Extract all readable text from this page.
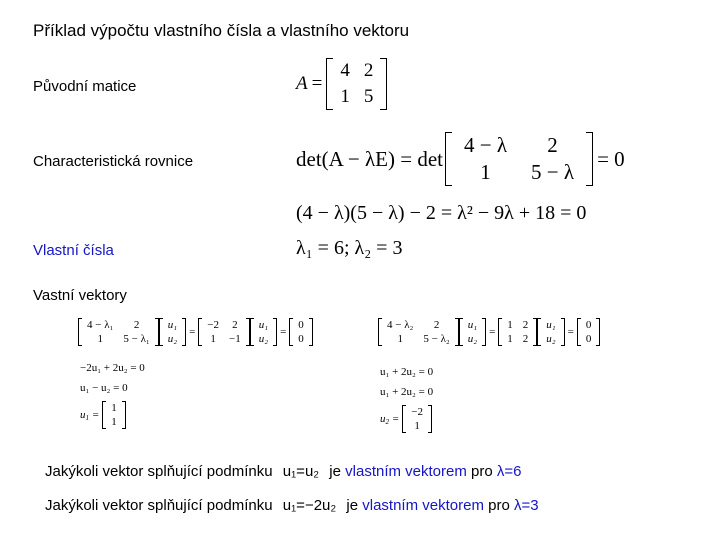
Příklad výpočtu vlastního čísla a vlastního vektoru
Původní matice
Characteristická rovnice
Vlastní čísla
Vastní vektory
A =
4	2
1	5
det(A − λE) = det
4 − λ	2
1	5 − λ
= 0
(4 − λ)(5 − λ) − 2 = λ² − 9λ + 18 = 0
λ₁ = 6; λ₂ = 3
4 − λ₁	2
1	5 − λ₁
u₁
u₂
=
−2	2
1	−1
u₁
u₂
=
0
0
−2u₁ + 2u₂ = 0
u₁ − u₂ = 0
$u_1$ =
1
1
4 − λ₂	2
1	5 − λ₂
u₁
u₂
=
1	2
1	2
u₁
u₂
=
0
0
u₁ + 2u₂ = 0
u₁ + 2u₂ = 0
$u_2$ =
−2
1
Jakýkoli vektor splňující podmínku u₁=u₂ je vlastním vektorem pro λ=6
Jakýkoli vektor splňující podmínku u₁=−2u₂ je vlastním vektorem pro λ=3
